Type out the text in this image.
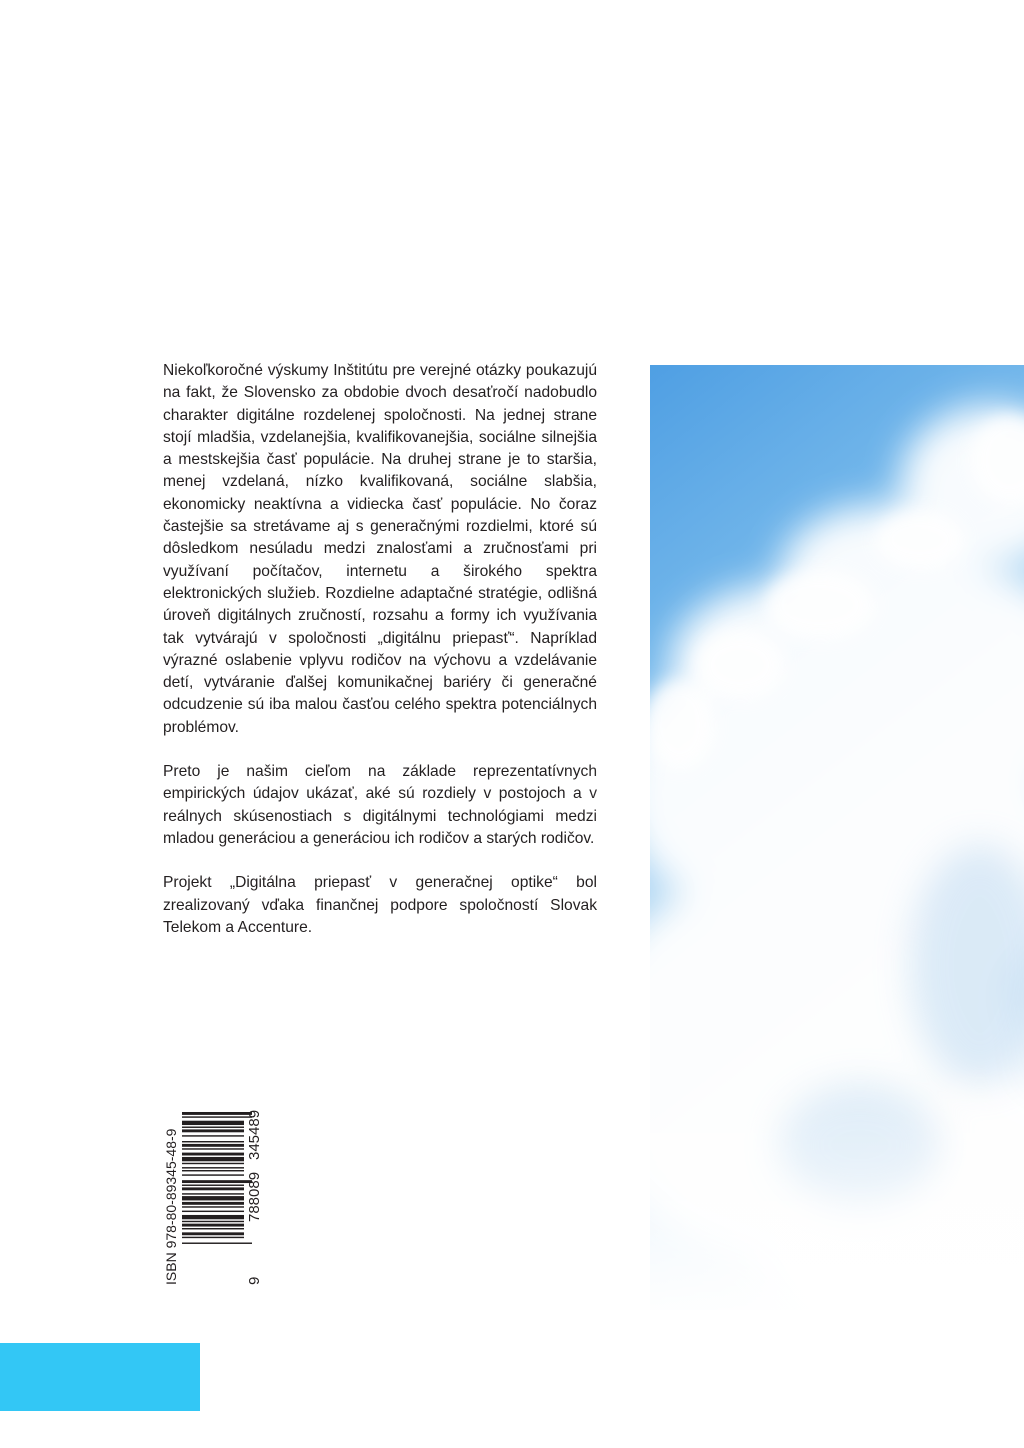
Niekoľkoročné výskumy Inštitútu pre verejné otázky poukazujú na fakt, že Slovensko za obdobie dvoch desaťročí nadobudlo charakter digitálne rozdelenej spoločnosti. Na jednej strane stojí mladšia, vzdelanejšia, kvalifikovanejšia, sociálne silnejšia a mestskejšia časť populácie. Na druhej strane je to staršia, menej vzdelaná, nízko kvalifikovaná, sociálne slabšia, ekonomicky neaktívna a vidiecka časť populácie. No čoraz častejšie sa stretávame aj s generačnými rozdielmi, ktoré sú dôsledkom nesúladu medzi znalosťami a zručnosťami pri využívaní počítačov, internetu a širokého spektra elektronických služieb. Rozdielne adaptačné stratégie, odlišná úroveň digitálnych zručností, rozsahu a formy ich využívania tak vytvárajú v spoločnosti „digitálnu priepasť“. Napríklad výrazné oslabenie vplyvu rodičov na výchovu a vzdelávanie detí, vytváranie ďalšej komunikačnej bariéry či generačné odcudzenie sú iba malou časťou celého spektra potenciálnych problémov.

Preto je našim cieľom na základe reprezentatívnych empirických údajov ukázať, aké sú rozdiely v postojoch a v reálnych skúsenostiach s digitálnymi technológiami medzi mladou generáciou a generáciou ich rodičov a starých rodičov.

Projekt „Digitálna priepasť v generačnej optike“ bol zrealizovaný vďaka finančnej podpore spoločností Slovak Telekom a Accenture.

ISBN 978-80-89345-48-9	9
788089
345489
